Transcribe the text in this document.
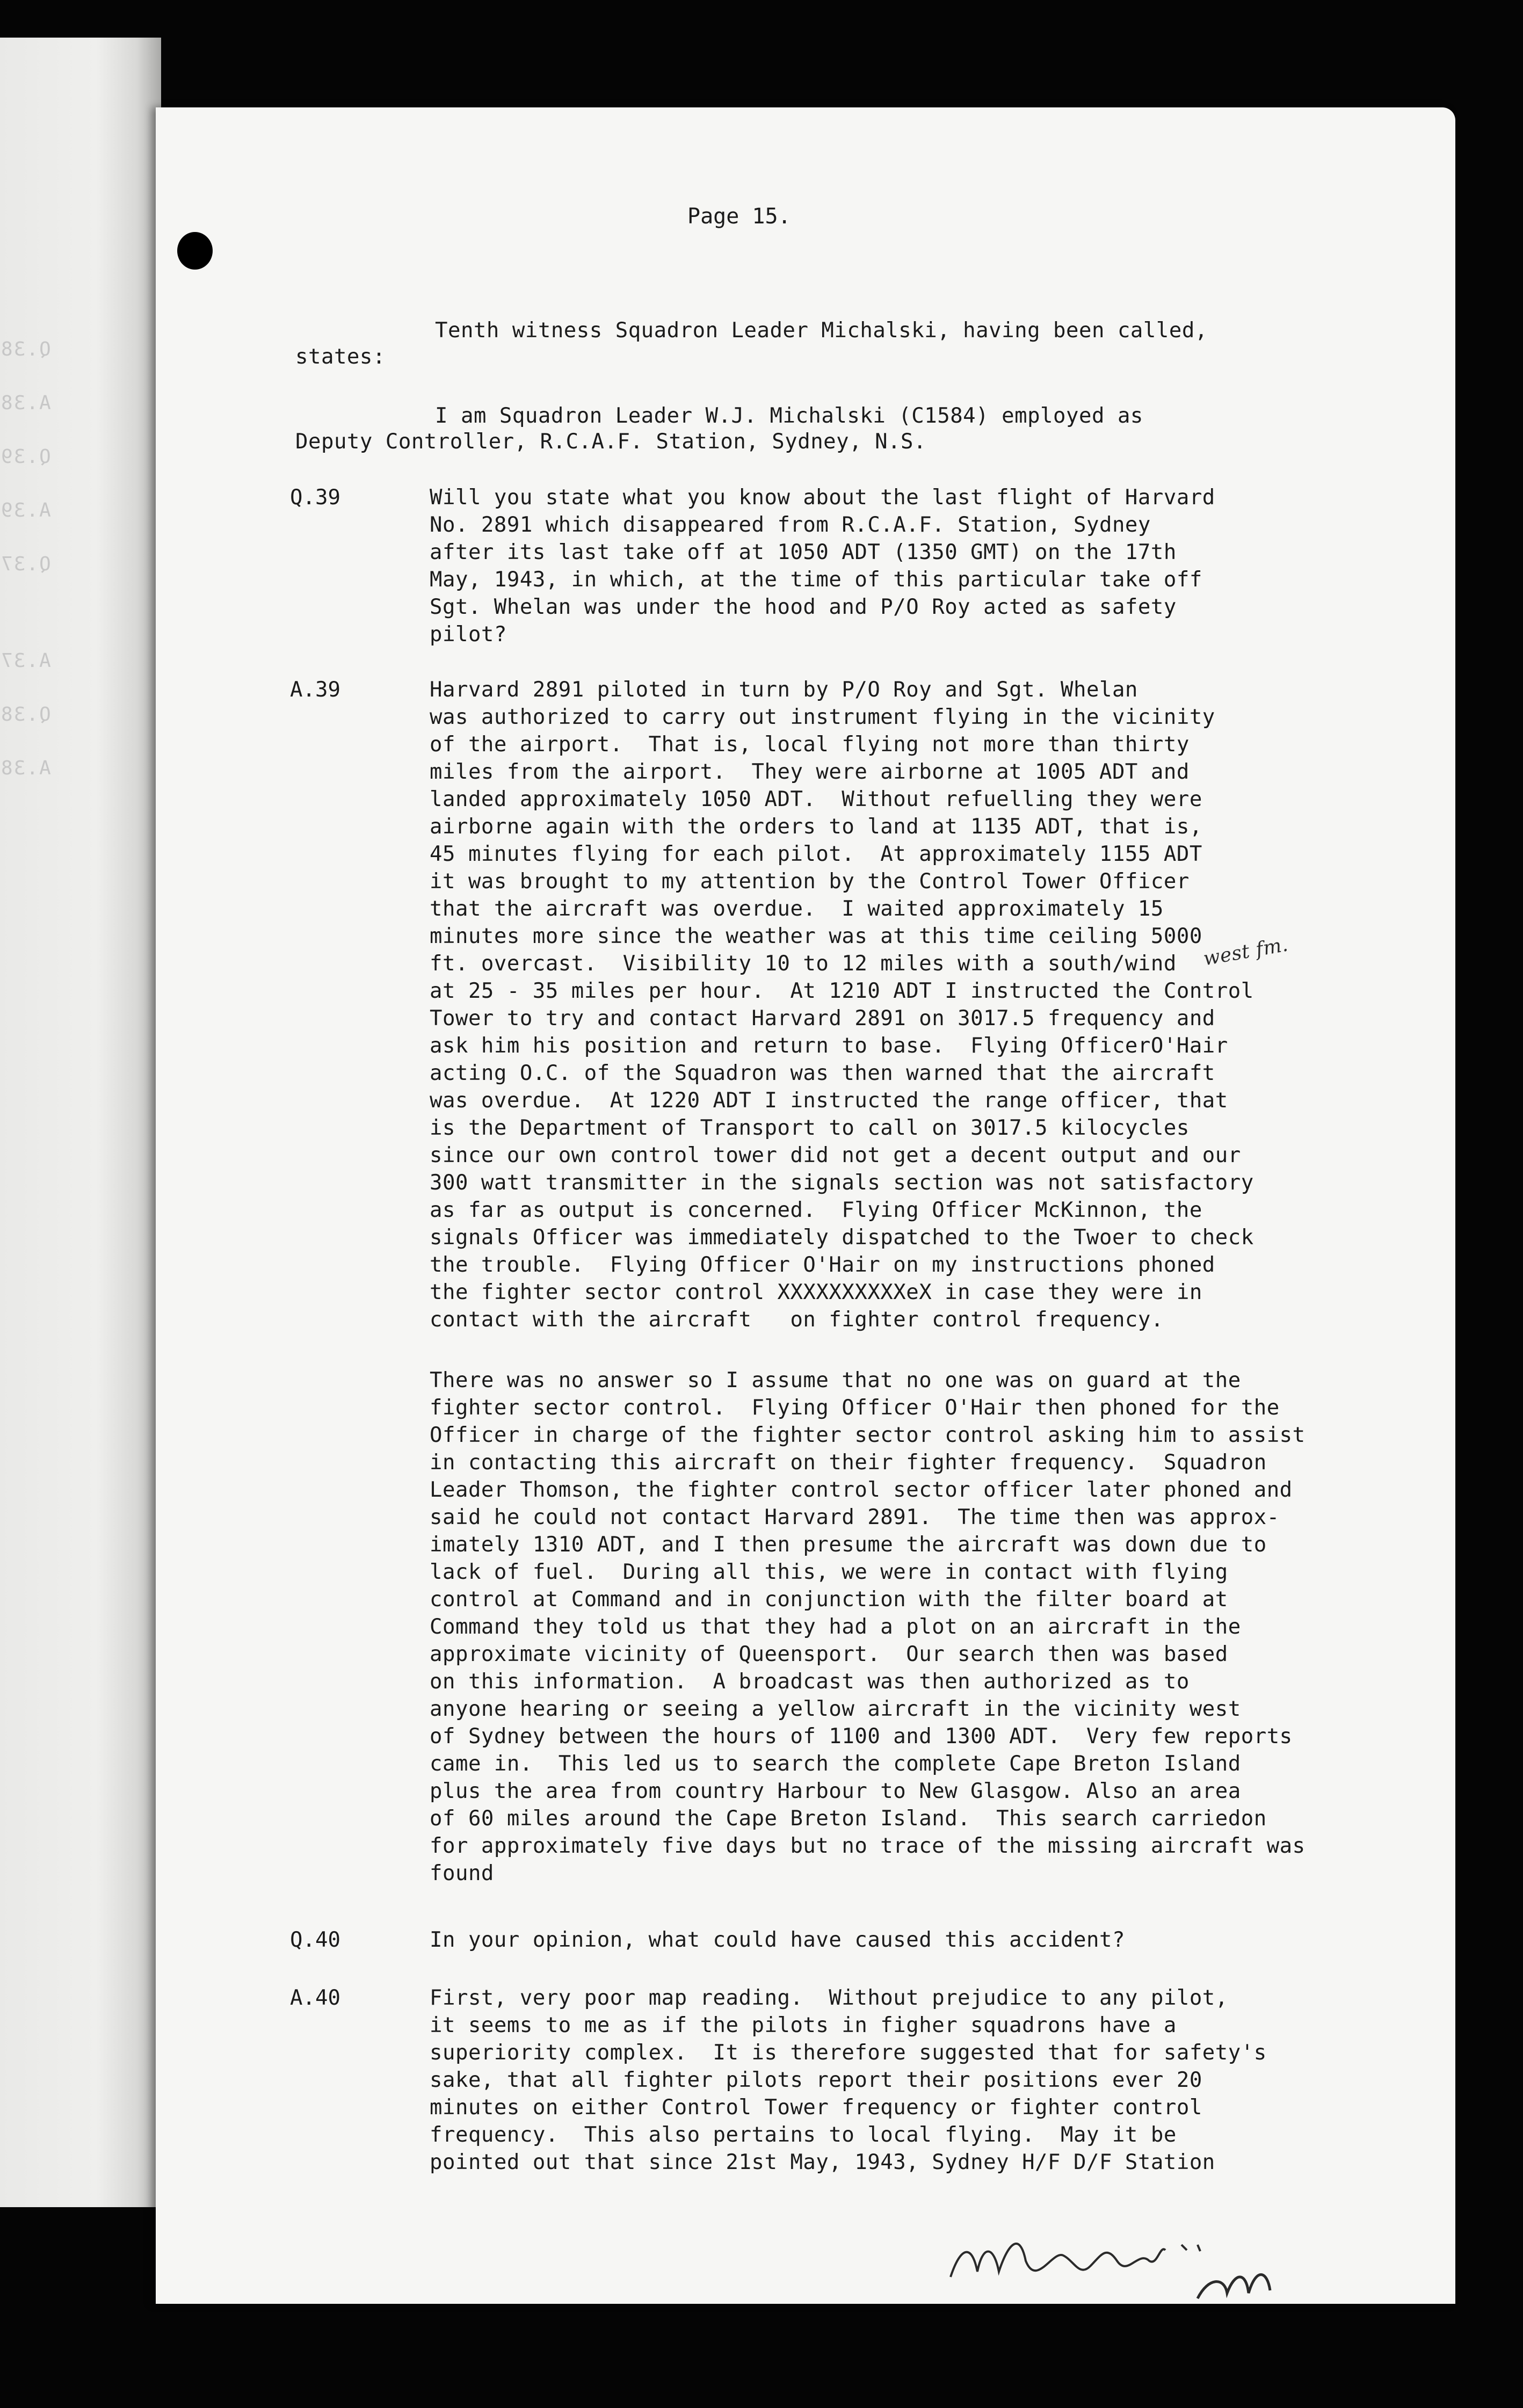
Q.38
A.38
Q.39
A.39
Q.37
A.37
Q.38
A.38
Page 15.
Tenth witness Squadron Leader Michalski, having been called,
states:
I am Squadron Leader W.J. Michalski (C1584) employed as
Deputy Controller, R.C.A.F. Station, Sydney, N.S.
Q.39	Will you state what you know about the last flight of Harvard
No. 2891 which disappeared from R.C.A.F. Station, Sydney
after its last take off at 1050 ADT (1350 GMT) on the 17th
May, 1943, in which, at the time of this particular take off
Sgt. Whelan was under the hood and P/O Roy acted as safety
pilot?
A.39	Harvard 2891 piloted in turn by P/O Roy and Sgt. Whelan
was authorized to carry out instrument flying in the vicinity
of the airport.  That is, local flying not more than thirty
miles from the airport.  They were airborne at 1005 ADT and
landed approximately 1050 ADT.  Without refuelling they were
airborne again with the orders to land at 1135 ADT, that is,
45 minutes flying for each pilot.  At approximately 1155 ADT
it was brought to my attention by the Control Tower Officer
that the aircraft was overdue.  I waited approximately 15
minutes more since the weather was at this time ceiling 5000
ft. overcast.  Visibility 10 to 12 miles with a south/wind
at 25 - 35 miles per hour.  At 1210 ADT I instructed the Control
Tower to try and contact Harvard 2891 on 3017.5 frequency and
ask him his position and return to base.  Flying OfficerO'Hair
acting O.C. of the Squadron was then warned that the aircraft
was overdue.  At 1220 ADT I instructed the range officer, that
is the Department of Transport to call on 3017.5 kilocycles
since our own control tower did not get a decent output and our
300 watt transmitter in the signals section was not satisfactory
as far as output is concerned.  Flying Officer McKinnon, the
signals Officer was immediately dispatched to the Twoer to check
the trouble.  Flying Officer O'Hair on my instructions phoned
the fighter sector control XXXXXXXXXXeX in case they were in
contact with the aircraft   on fighter control frequency.
west fm.
There was no answer so I assume that no one was on guard at the
fighter sector control.  Flying Officer O'Hair then phoned for the
Officer in charge of the fighter sector control asking him to assist
in contacting this aircraft on their fighter frequency.  Squadron
Leader Thomson, the fighter control sector officer later phoned and
said he could not contact Harvard 2891.  The time then was approx-
imately 1310 ADT, and I then presume the aircraft was down due to
lack of fuel.  During all this, we were in contact with flying
control at Command and in conjunction with the filter board at
Command they told us that they had a plot on an aircraft in the
approximate vicinity of Queensport.  Our search then was based
on this information.  A broadcast was then authorized as to
anyone hearing or seeing a yellow aircraft in the vicinity west
of Sydney between the hours of 1100 and 1300 ADT.  Very few reports
came in.  This led us to search the complete Cape Breton Island
plus the area from country Harbour to New Glasgow. Also an area
of 60 miles around the Cape Breton Island.  This search carriedon
for approximately five days but no trace of the missing aircraft was
found
Q.40	In your opinion, what could have caused this accident?
A.40	First, very poor map reading.  Without prejudice to any pilot,
it seems to me as if the pilots in figher squadrons have a
superiority complex.  It is therefore suggested that for safety's
sake, that all fighter pilots report their positions ever 20
minutes on either Control Tower frequency or fighter control
frequency.  This also pertains to local flying.  May it be
pointed out that since 21st May, 1943, Sydney H/F D/F Station
